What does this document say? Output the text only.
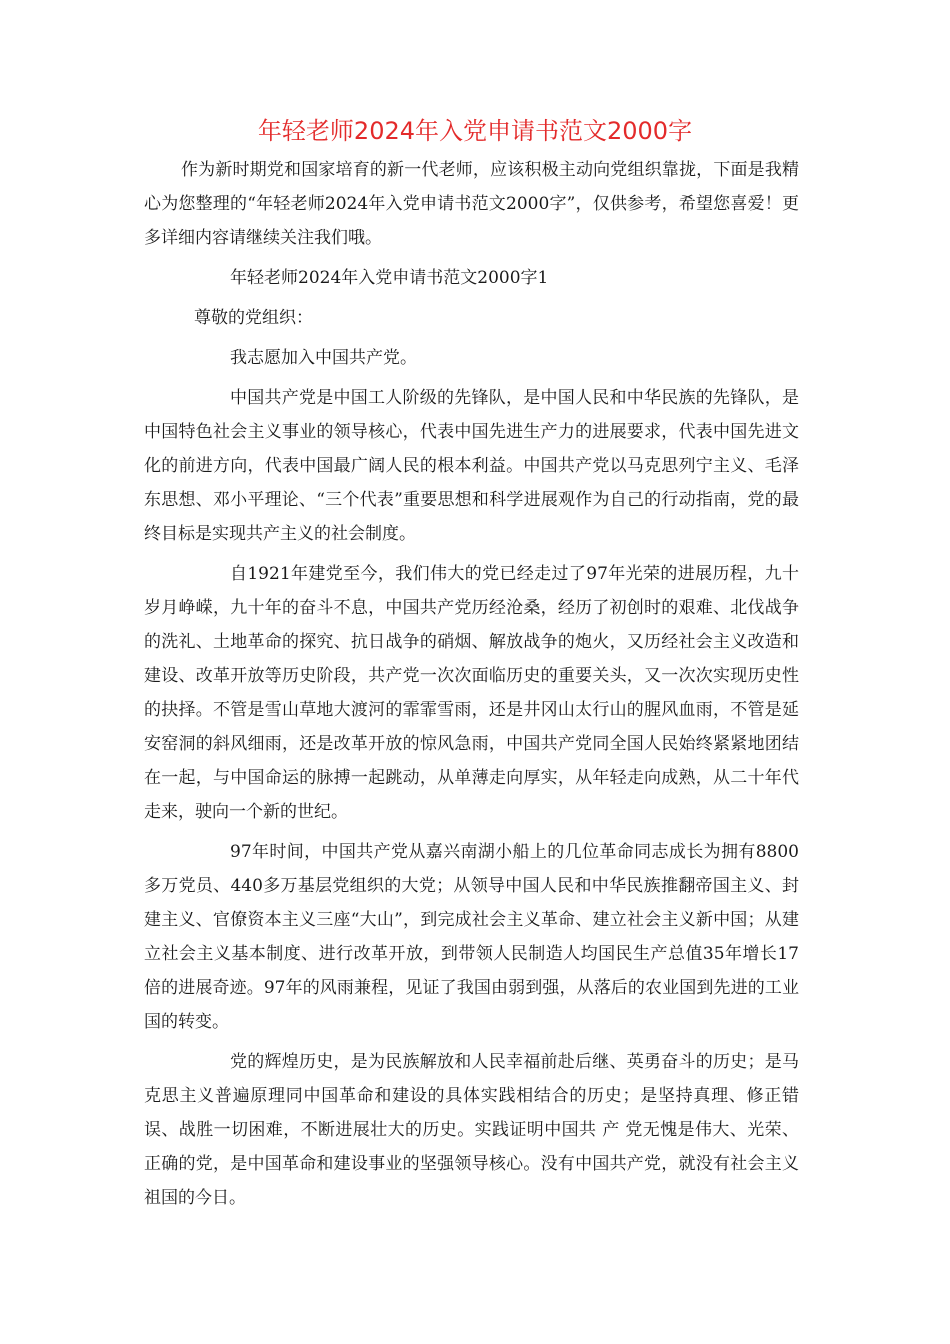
年轻老师2024年入党申请书范文2000字

作为新时期党和国家培育的新一代老师，应该积极主动向党组织靠拢，下面是我精心为您整理的“年轻老师2024年入党申请书范文2000字”，仅供参考，希望您喜爱！更多详细内容请继续关注我们哦。

年轻老师2024年入党申请书范文2000字1

尊敬的党组织：

我志愿加入中国共产党。

中国共产党是中国工人阶级的先锋队，是中国人民和中华民族的先锋队，是中国特色社会主义事业的领导核心，代表中国先进生产力的进展要求，代表中国先进文化的前进方向，代表中国最广阔人民的根本利益。中国共产党以马克思列宁主义、毛泽东思想、邓小平理论、“三个代表”重要思想和科学进展观作为自己的行动指南，党的最终目标是实现共产主义的社会制度。

自1921年建党至今，我们伟大的党已经走过了97年光荣的进展历程，九十岁月峥嵘，九十年的奋斗不息，中国共产党历经沧桑，经历了初创时的艰难、北伐战争的洗礼、土地革命的探究、抗日战争的硝烟、解放战争的炮火，又历经社会主义改造和建设、改革开放等历史阶段，共产党一次次面临历史的重要关头，又一次次实现历史性的抉择。不管是雪山草地大渡河的霏霏雪雨，还是井冈山太行山的腥风血雨，不管是延安窑洞的斜风细雨，还是改革开放的惊风急雨，中国共产党同全国人民始终紧紧地团结在一起，与中国命运的脉搏一起跳动，从单薄走向厚实，从年轻走向成熟，从二十年代走来，驶向一个新的世纪。

97年时间，中国共产党从嘉兴南湖小船上的几位革命同志成长为拥有8800多万党员、440多万基层党组织的大党；从领导中国人民和中华民族推翻帝国主义、封建主义、官僚资本主义三座“大山”，到完成社会主义革命、建立社会主义新中国；从建立社会主义基本制度、进行改革开放，到带领人民制造人均国民生产总值35年增长17倍的进展奇迹。97年的风雨兼程，见证了我国由弱到强，从落后的农业国到先进的工业国的转变。

党的辉煌历史，是为民族解放和人民幸福前赴后继、英勇奋斗的历史；是马克思主义普遍原理同中国革命和建设的具体实践相结合的历史；是坚持真理、修正错误、战胜一切困难，不断进展壮大的历史。实践证明中国共 产 党无愧是伟大、光荣、正确的党，是中国革命和建设事业的坚强领导核心。没有中国共产党，就没有社会主义祖国的今日。
